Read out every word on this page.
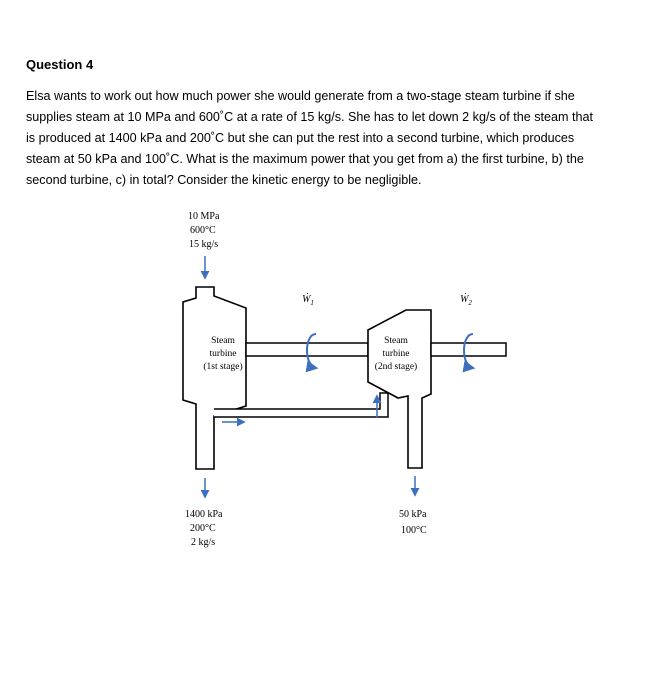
Question 4
Elsa wants to work out how much power she would generate from a two-stage steam turbine if she
supplies steam at 10 MPa and 600˚C at a rate of 15 kg/s. She has to let down 2 kg/s of the steam that
is produced at 1400 kPa and 200˚C but she can put the rest into a second turbine, which produces
steam at 50 kPa and 100˚C. What is the maximum power that you get from a) the first turbine, b) the
second turbine, c) in total? Consider the kinetic energy to be negligible.
10 MPa
600°C
15 kg/s
Steam
turbine
(1st stage)
Ẇ$_1$
Steam
turbine
(2nd stage)
Ẇ$_2$
1400 kPa
200°C
2 kg/s
50 kPa
100°C
